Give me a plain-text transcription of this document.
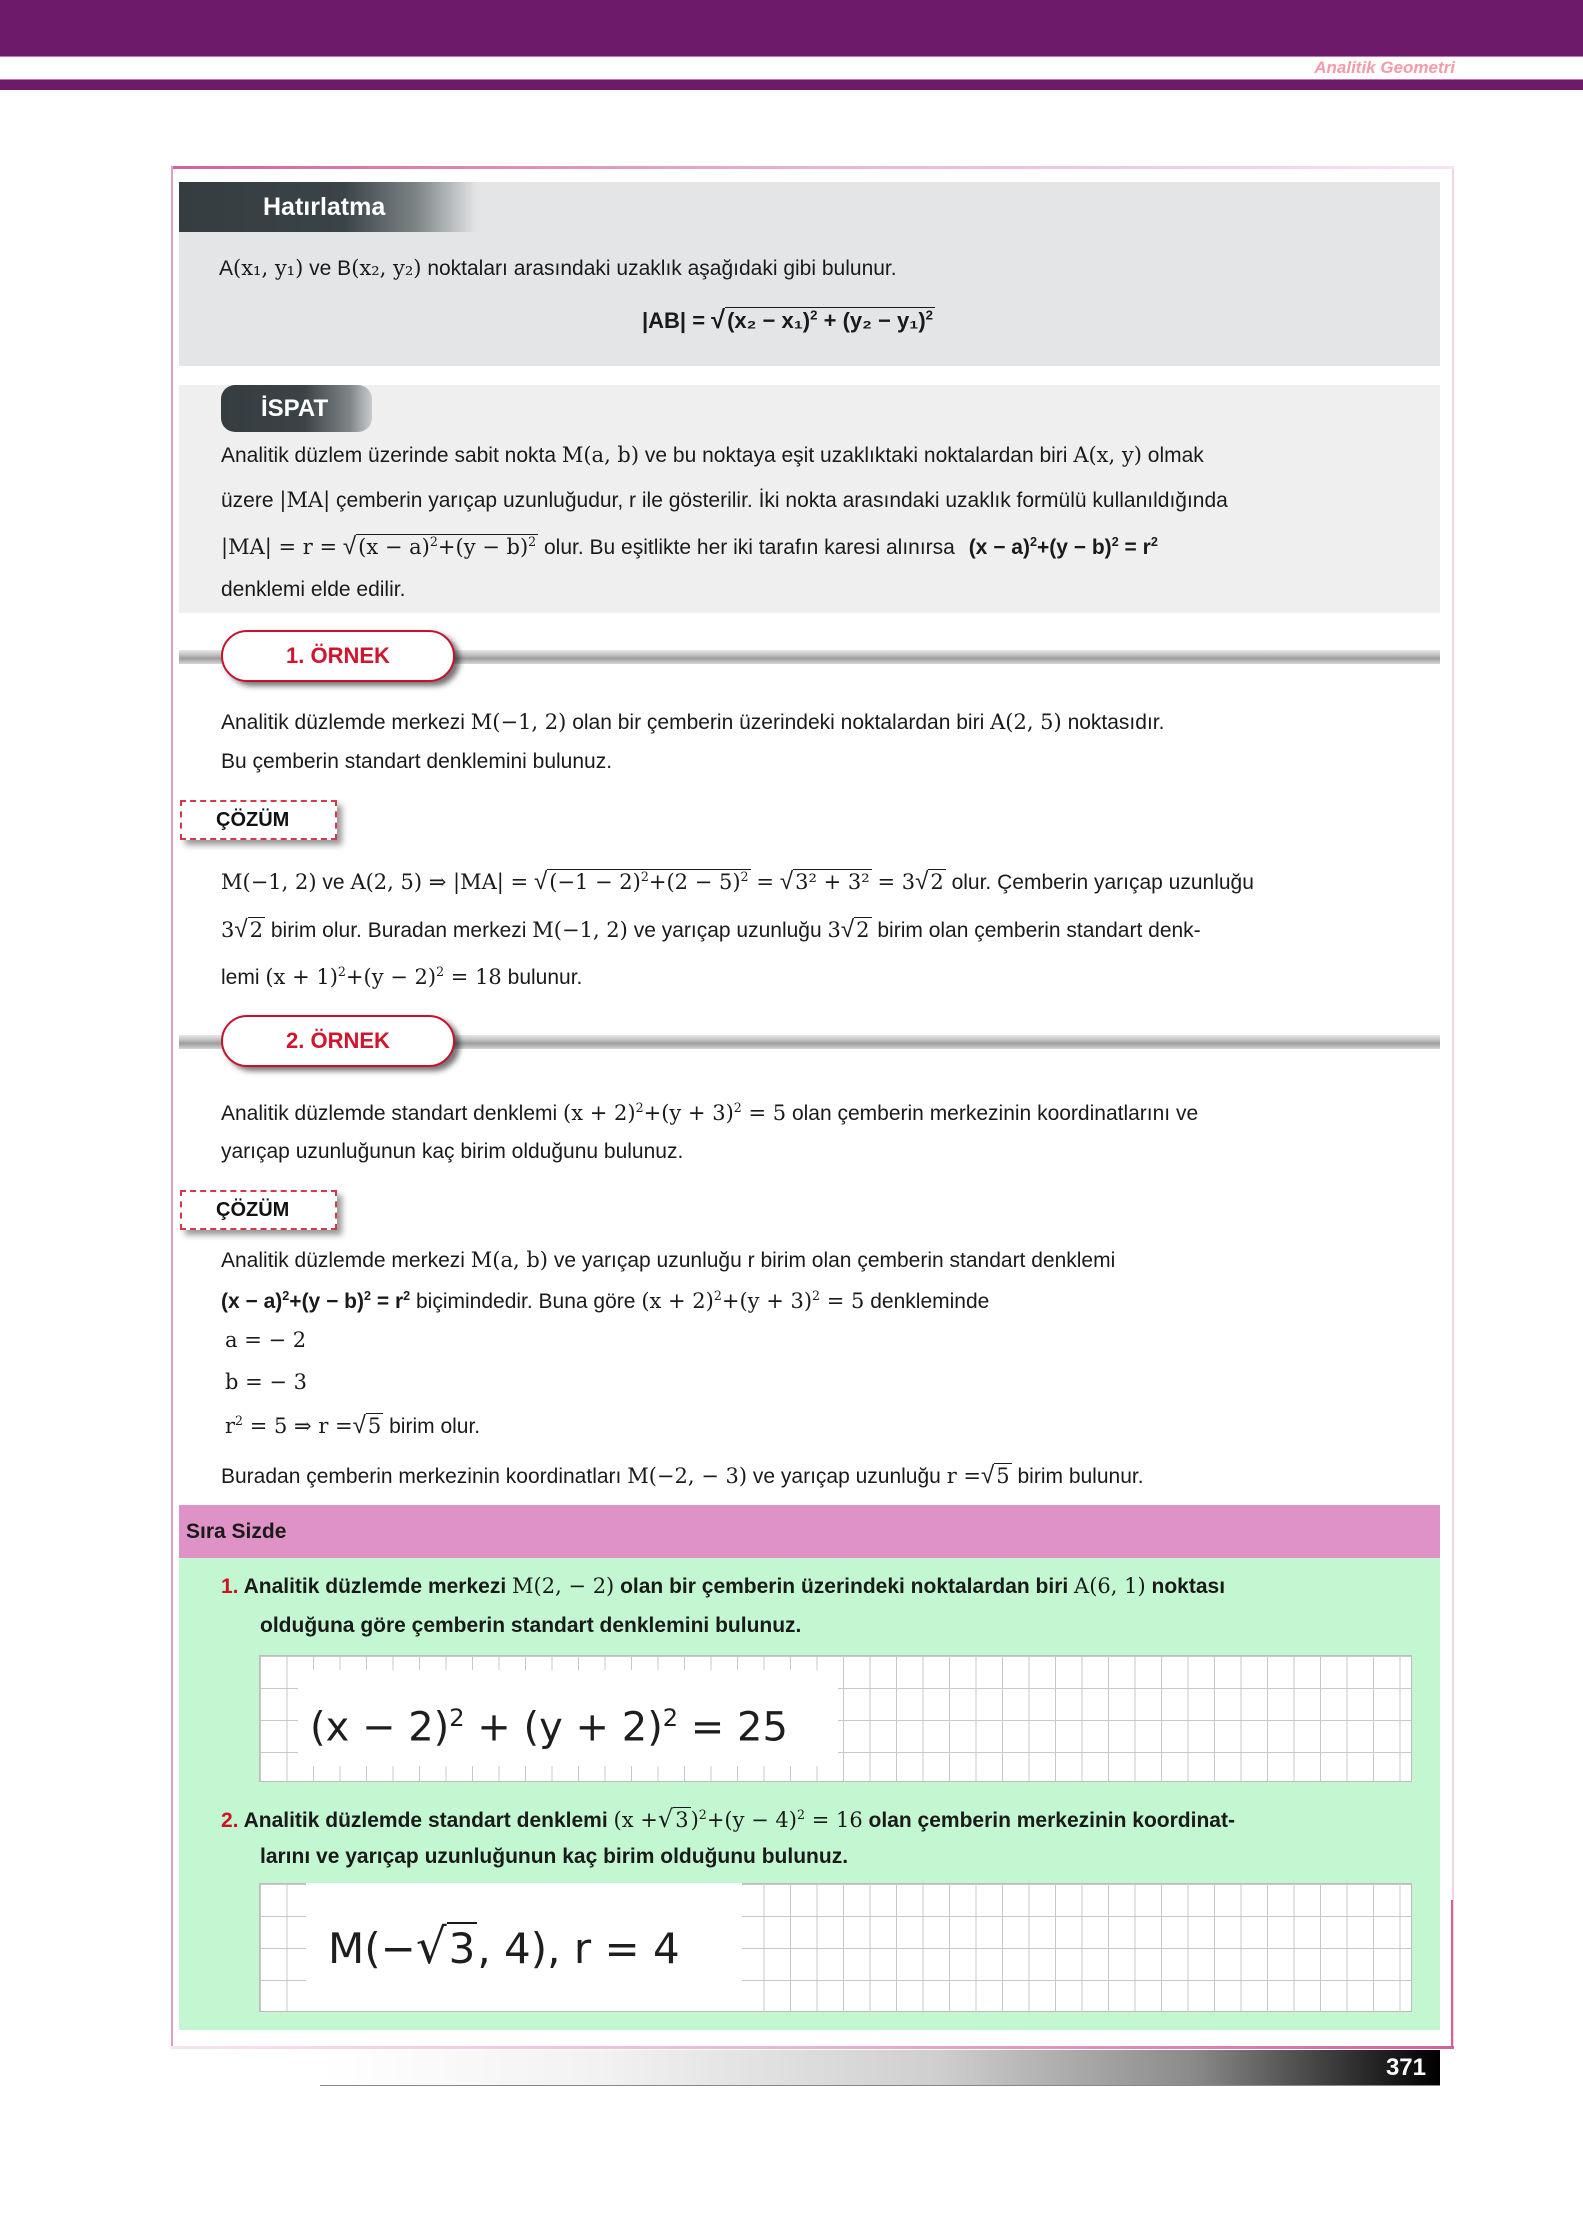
Analitik Geometri
Hatırlatma
A(x₁, y₁) ve B(x₂, y₂) noktaları arasındaki uzaklık aşağıdaki gibi bulunur.
$|AB| = √(x_2 - x_1)^2 + (y_2 - y_1)^2$
İSPAT
Analitik düzlem üzerinde sabit nokta M(a, b) ve bu noktaya eşit uzaklıktaki noktalardan biri A(x, y) olmak
üzere |MA| çemberin yarıçap uzunluğudur, r ile gösterilir. İki nokta arasındaki uzaklık formülü kullanıldığında
$|MA| = r = √(x - a)^2+(y - b)^2$ olur. Bu eşitlikte her iki tarafın karesi alınırsa $(x - a)^2+(y - b)^2 = r^2$
denklemi elde edilir.
1. ÖRNEK
Analitik düzlemde merkezi M(−1, 2) olan bir çemberin üzerindeki noktalardan biri A(2, 5) noktasıdır.
Bu çemberin standart denklemini bulunuz.
ÇÖZÜM
M(−1, 2) ve A(2, 5) ⇒ $|MA| = √(-1 - 2)^2+(2 - 5)^2 = √3^2 + 3^2 = 3√2$ olur. Çemberin yarıçap uzunluğu
3√2 birim olur. Buradan merkezi M(−1, 2) ve yarıçap uzunluğu 3√2 birim olan çemberin standart denk-
lemi $(x + 1)^2+(y - 2)^2 = 18$ bulunur.
2. ÖRNEK
Analitik düzlemde standart denklemi $(x + 2)^2+(y + 3)^2 = 5$ olan çemberin merkezinin koordinatlarını ve
yarıçap uzunluğunun kaç birim olduğunu bulunuz.
ÇÖZÜM
Analitik düzlemde merkezi M(a, b) ve yarıçap uzunluğu r birim olan çemberin standart denklemi
$(x - a)^2+(y - b)^2 = r^2$ biçimindedir. Buna göre $(x + 2)^2+(y + 3)^2 = 5$ denkleminde
a = − 2
b = − 3
$r^2 = 5$ ⇒ r =√5 birim olur.
Buradan çemberin merkezinin koordinatları M(−2, − 3) ve yarıçap uzunluğu r =√5 birim bulunur.
Sıra Sizde
1. Analitik düzlemde merkezi M(2, − 2) olan bir çemberin üzerindeki noktalardan biri A(6, 1) noktası
olduğuna göre çemberin standart denklemini bulunuz.
$(x - 2)^2 + (y + 2)^2 = 25$
2. Analitik düzlemde standart denklemi $(x +√3)^2+(y - 4)^2 = 16$ olan çemberin merkezinin koordinat-
larını ve yarıçap uzunluğunun kaç birim olduğunu bulunuz.
M(−√3, 4), r = 4
371
